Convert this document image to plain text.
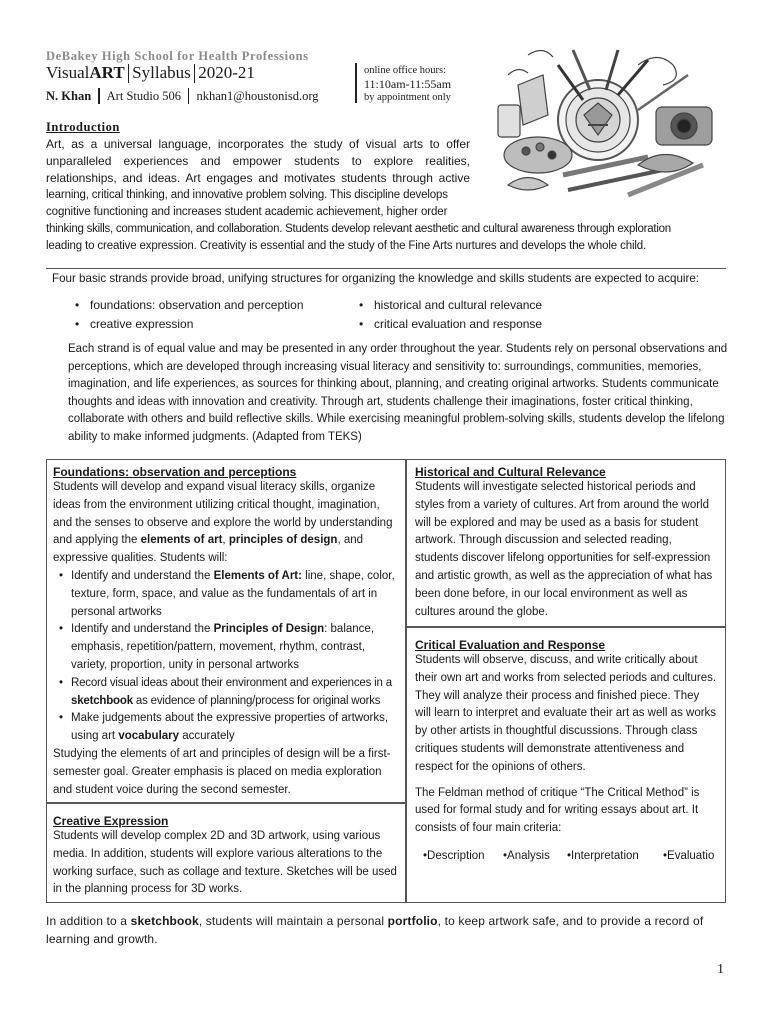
DeBakey High School for Health Professions
Visual ART Syllabus 2020-21
N. Khan Art Studio 506 nkhan1@houstonisd.org
online office hours:
11:10am-11:55am
by appointment only
Introduction
Art, as a universal language, incorporates the study of visual arts to offer
unparalleled experiences and empower students to explore realities,
relationships, and ideas. Art engages and motivates students through active
learning, critical thinking, and innovative problem solving. This discipline develops
cognitive functioning and increases student academic achievement, higher order
thinking skills, communication, and collaboration. Students develop relevant aesthetic and cultural awareness through exploration
leading to creative expression. Creativity is essential and the study of the Fine Arts nurtures and develops the whole child.
Four basic strands provide broad, unifying structures for organizing the knowledge and skills students are expected to acquire:
• foundations: observation and perception
• creative expression
• historical and cultural relevance
• critical evaluation and response
Each strand is of equal value and may be presented in any order throughout the year. Students rely on personal observations and perceptions, which are developed through increasing visual literacy and sensitivity to: surroundings, communities, memories, imagination, and life experiences, as sources for thinking about, planning, and creating original artworks. Students communicate thoughts and ideas with innovation and creativity. Through art, students challenge their imaginations, foster critical thinking, collaborate with others and build reflective skills. While exercising meaningful problem-solving skills, students develop the lifelong ability to make informed judgments. (Adapted from TEKS)
Foundations: observation and perceptions
Students will develop and expand visual literacy skills, organize ideas from the environment utilizing critical thought, imagination, and the senses to observe and explore the world by understanding and applying the elements of art, principles of design, and expressive qualities. Students will:
• Identify and understand the Elements of Art: line, shape, color, texture, form, space, and value as the fundamentals of art in personal artworks
• Identify and understand the Principles of Design: balance, emphasis, repetition/pattern, movement, rhythm, contrast, variety, proportion, unity in personal artworks
• Record visual ideas about their environment and experiences in a sketchbook as evidence of planning/process for original works
• Make judgements about the expressive properties of artworks, using art vocabulary accurately
Studying the elements of art and principles of design will be a first-semester goal. Greater emphasis is placed on media exploration and student voice during the second semester.
Creative Expression
Students will develop complex 2D and 3D artwork, using various media. In addition, students will explore various alterations to the working surface, such as collage and texture. Sketches will be used in the planning process for 3D works.
Historical and Cultural Relevance
Students will investigate selected historical periods and styles from a variety of cultures. Art from around the world will be explored and may be used as a basis for student artwork. Through discussion and selected reading, students discover lifelong opportunities for self-expression and artistic growth, as well as the appreciation of what has been done before, in our local environment as well as cultures around the globe.
Critical Evaluation and Response
Students will observe, discuss, and write critically about their own art and works from selected periods and cultures. They will analyze their process and finished piece. They will learn to interpret and evaluate their art as well as works by other artists in thoughtful discussions. Through class critiques students will demonstrate attentiveness and respect for the opinions of others.
The Feldman method of critique “The Critical Method” is used for formal study and for writing essays about art. It consists of four main criteria:
•Description	•Analysis	•Interpretation	•Evaluatio
In addition to a sketchbook, students will maintain a personal portfolio, to keep artwork safe, and to provide a record of learning and growth.
1
